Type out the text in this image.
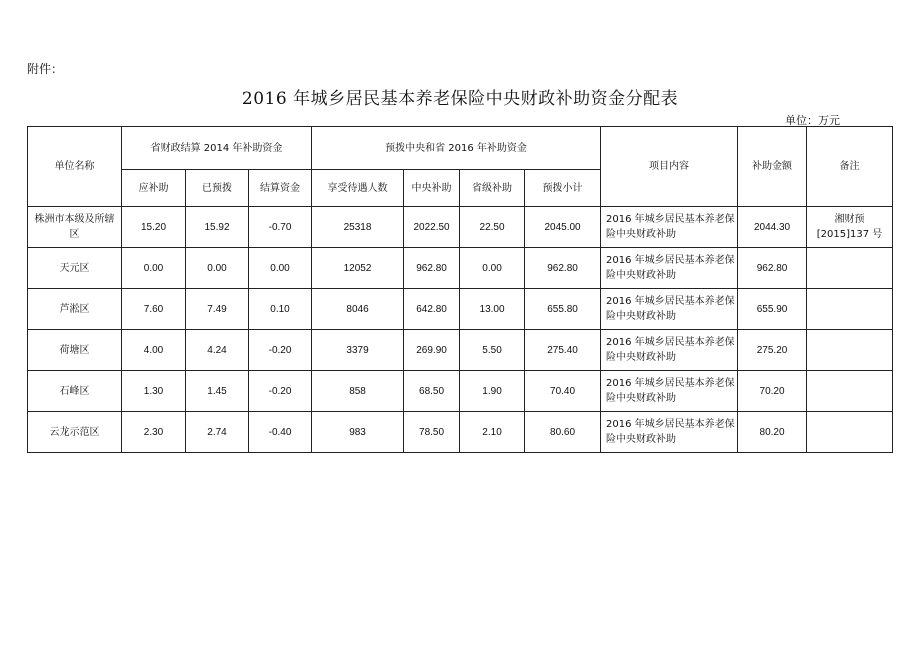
附件：
2016 年城乡居民基本养老保险中央财政补助资金分配表
单位：万元
单位名称	省财政结算 2014 年补助资金			预拨中央和省 2016 年补助资金				项目内容	补助金额	备注
	应补助	已预拨	结算资金	享受待遇人数	中央补助	省级补助	预拨小计			
株洲市本级及所辖区	15.20	15.92	-0.70	25318	2022.50	22.50	2045.00	2016 年城乡居民基本养老保险中央财政补助	2044.30	湘财预 [2015]137 号
天元区	0.00	0.00	0.00	12052	962.80	0.00	962.80	2016 年城乡居民基本养老保险中央财政补助	962.80	
芦淞区	7.60	7.49	0.10	8046	642.80	13.00	655.80	2016 年城乡居民基本养老保险中央财政补助	655.90	
荷塘区	4.00	4.24	-0.20	3379	269.90	5.50	275.40	2016 年城乡居民基本养老保险中央财政补助	275.20	
石峰区	1.30	1.45	-0.20	858	68.50	1.90	70.40	2016 年城乡居民基本养老保险中央财政补助	70.20	
云龙示范区	2.30	2.74	-0.40	983	78.50	2.10	80.60	2016 年城乡居民基本养老保险中央财政补助	80.20	
